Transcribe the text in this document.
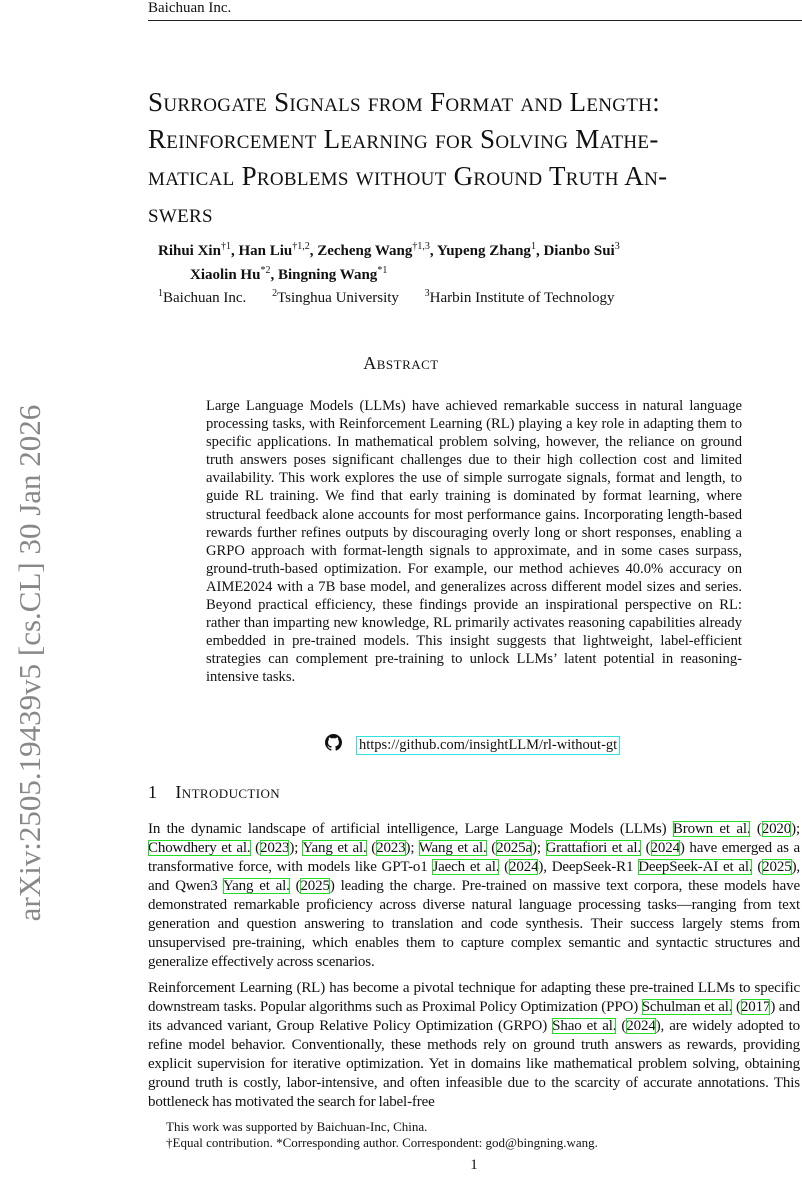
Baichuan Inc.
arXiv:2505.19439v5 [cs.CL] 30 Jan 2026
Surrogate Signals from Format and Length:
Reinforcement Learning for Solving Mathe-
matical Problems without Ground Truth An-
swers
Rihui Xin$^{\dagger 1}$, Han Liu$^{\dagger 1,2}$, Zecheng Wang$^{\dagger 1,3}$, Yupeng Zhang$^1$, Dianbo Sui$^3$
Xiaolin Hu$^{*2}$, Bingning Wang$^{*1}$
$^1$Baichuan Inc.	$^2$Tsinghua University	$^3$Harbin Institute of Technology
Abstract
Large Language Models (LLMs) have achieved remarkable success in natural language processing tasks, with Reinforcement Learning (RL) playing a key role in adapting them to specific applications. In mathematical problem solving, however, the reliance on ground truth answers poses significant challenges due to their high collection cost and limited availability. This work explores the use of simple surrogate signals, format and length, to guide RL training. We find that early training is dominated by format learning, where structural feedback alone accounts for most performance gains. Incorporating length-based rewards further refines outputs by discouraging overly long or short responses, enabling a GRPO approach with format-length signals to approximate, and in some cases surpass, ground-truth-based optimization. For example, our method achieves 40.0% accuracy on AIME2024 with a 7B base model, and generalizes across different model sizes and series. Beyond practical efficiency, these findings provide an inspirational perspective on RL: rather than imparting new knowledge, RL primarily activates reasoning capabilities already embedded in pre-trained models. This insight suggests that lightweight, label-efficient strategies can complement pre-training to unlock LLMs’ latent potential in reasoning-intensive tasks.
https://github.com/insightLLM/rl-without-gt
1 Introduction
In the dynamic landscape of artificial intelligence, Large Language Models (LLMs) Brown et al. (2020); Chowdhery et al. (2023); Yang et al. (2023); Wang et al. (2025a); Grattafiori et al. (2024) have emerged as a transformative force, with models like GPT-o1 Jaech et al. (2024), DeepSeek-R1 DeepSeek-AI et al. (2025), and Qwen3 Yang et al. (2025) leading the charge. Pre-trained on massive text corpora, these models have demonstrated remarkable proficiency across diverse natural language processing tasks—ranging from text generation and question answering to translation and code synthesis. Their success largely stems from unsupervised pre-training, which enables them to capture complex semantic and syntactic structures and generalize effectively across scenarios.
Reinforcement Learning (RL) has become a pivotal technique for adapting these pre-trained LLMs to specific downstream tasks. Popular algorithms such as Proximal Policy Optimization (PPO) Schulman et al. (2017) and its advanced variant, Group Relative Policy Optimization (GRPO) Shao et al. (2024), are widely adopted to refine model behavior. Conventionally, these methods rely on ground truth answers as rewards, providing explicit supervision for iterative optimization. Yet in domains like mathematical problem solving, obtaining ground truth is costly, labor-intensive, and often infeasible due to the scarcity of accurate annotations. This bottleneck has motivated the search for label-free
This work was supported by Baichuan-Inc, China.
†Equal contribution. *Corresponding author. Correspondent: god@bingning.wang.
1
